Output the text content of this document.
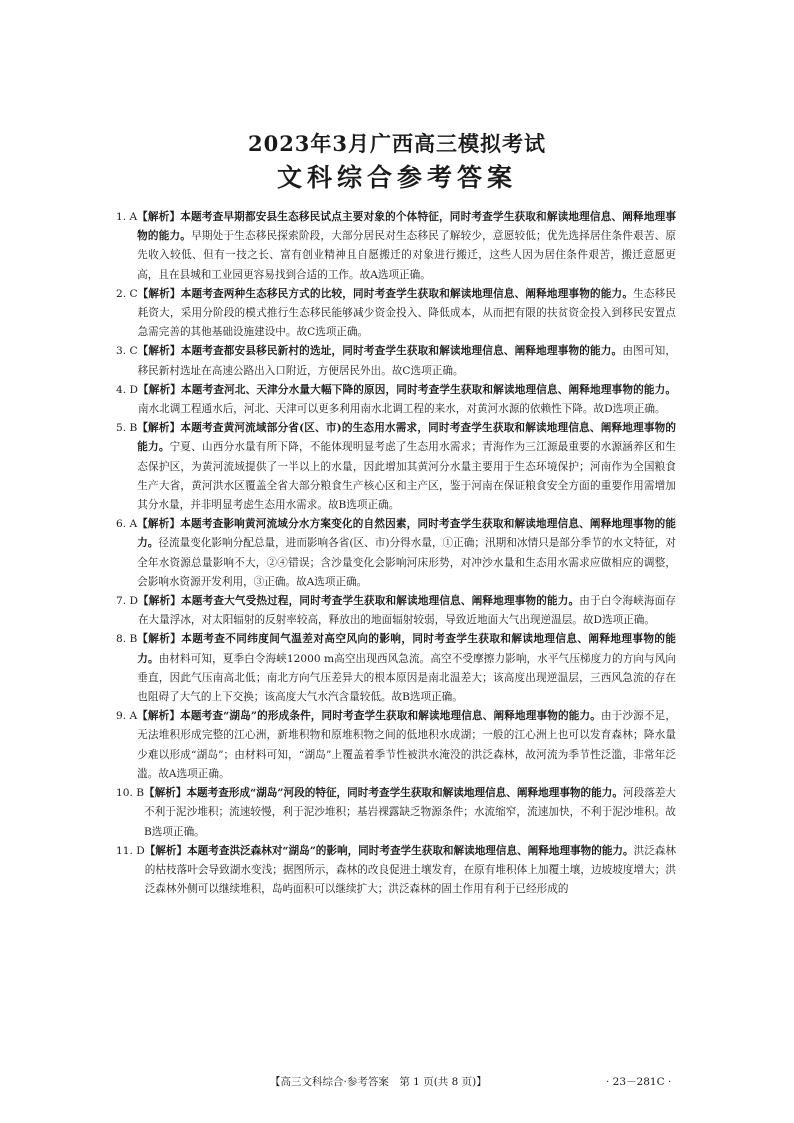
2023年3月广西高三模拟考试
文科综合参考答案
1. A 【解析】本题考查早期都安县生态移民试点主要对象的个体特征，同时考查学生获取和解读地理信息、阐释地理事物的能力。早期处于生态移民探索阶段，大部分居民对生态移民了解较少，意愿较低；优先选择居住条件艰苦、原先收入较低、但有一技之长、富有创业精神且自愿搬迁的对象进行搬迁，这些人因为居住条件艰苦，搬迁意愿更高，且在县城和工业园更容易找到合适的工作。故A选项正确。
2. C 【解析】本题考查两种生态移民方式的比较，同时考查学生获取和解读地理信息、阐释地理事物的能力。生态移民耗资大，采用分阶段的模式推行生态移民能够减少资金投入、降低成本，从而把有限的扶贫资金投入到移民安置点急需完善的其他基础设施建设中。故C选项正确。
3. C 【解析】本题考查都安县移民新村的选址，同时考查学生获取和解读地理信息、阐释地理事物的能力。由图可知，移民新村选址在高速公路出入口附近，方便居民外出。故C选项正确。
4. D 【解析】本题考查河北、天津分水量大幅下降的原因，同时考查学生获取和解读地理信息、阐释地理事物的能力。南水北调工程通水后，河北、天津可以更多利用南水北调工程的来水，对黄河水源的依赖性下降。故D选项正确。
5. B 【解析】本题考查黄河流域部分省(区、市)的生态用水需求，同时考查学生获取和解读地理信息、阐释地理事物的能力。宁夏、山西分水量有所下降，不能体现明显考虑了生态用水需求；青海作为三江源最重要的水源涵养区和生态保护区，为黄河流域提供了一半以上的水量，因此增加其黄河分水量主要用于生态环境保护；河南作为全国粮食生产大省，黄河洪水区覆盖全省大部分粮食生产核心区和主产区，鉴于河南在保证粮食安全方面的重要作用需增加其分水量，并非明显考虑生态用水需求。故B选项正确。
6. A 【解析】本题考查影响黄河流域分水方案变化的自然因素，同时考查学生获取和解读地理信息、阐释地理事物的能力。径流量变化影响分配总量，进而影响各省(区、市)分得水量，①正确；汛期和冰情只是部分季节的水文特征，对全年水资源总量影响不大，②④错误；含沙量变化会影响河床形势，对冲沙水量和生态用水需求应做相应的调整，会影响水资源开发利用，③正确。故A选项正确。
7. D 【解析】本题考查大气受热过程，同时考查学生获取和解读地理信息、阐释地理事物的能力。由于白令海峡海面存在大量浮冰，对太阳辐射的反射率较高，释放出的地面辐射较弱，导致近地面大气出现逆温层。故D选项正确。
8. B 【解析】本题考查不同纬度间气温差对高空风向的影响，同时考查学生获取和解读地理信息、阐释地理事物的能力。由材料可知，夏季白令海峡12000 m高空出现西风急流。高空不受摩擦力影响，水平气压梯度力的方向与风向垂直，因此气压南高北低；南北方向气压差异大的根本原因是南北温差大；该高度出现逆温层，三西风急流的存在也阻碍了大气的上下交换；该高度大气水汽含量较低。故B选项正确。
9. A 【解析】本题考查“湖岛”的形成条件，同时考查学生获取和解读地理信息、阐释地理事物的能力。由于沙源不足，无法堆积形成完整的江心洲，新堆积物和原堆积物之间的低地积水成湖；一般的江心洲上也可以发育森林；降水量少难以形成“湖岛”；由材料可知，“湖岛”上覆盖着季节性被洪水淹没的洪泛森林，故河流为季节性泛滥，非常年泛滥。故A选项正确。
10. B 【解析】本题考查形成“湖岛”河段的特征，同时考查学生获取和解读地理信息、阐释地理事物的能力。河段落差大不利于泥沙堆积；流速较慢，利于泥沙堆积；基岩裸露缺乏物源条件；水流缩窄，流速加快，不利于泥沙堆积。故B选项正确。
11. D 【解析】本题考查洪泛森林对“湖岛”的影响，同时考查学生获取和解读地理信息、阐释地理事物的能力。洪泛森林的枯枝落叶会导致湖水变浅；据图所示，森林的改良促进土壤发育，在原有堆积体上加覆土壤，边坡坡度增大；洪泛森林外侧可以继续堆积，岛屿面积可以继续扩大；洪泛森林的固土作用有利于已经形成的
【高三文科综合·参考答案　第 1 页(共 8 页)】	· 23－281C ·
